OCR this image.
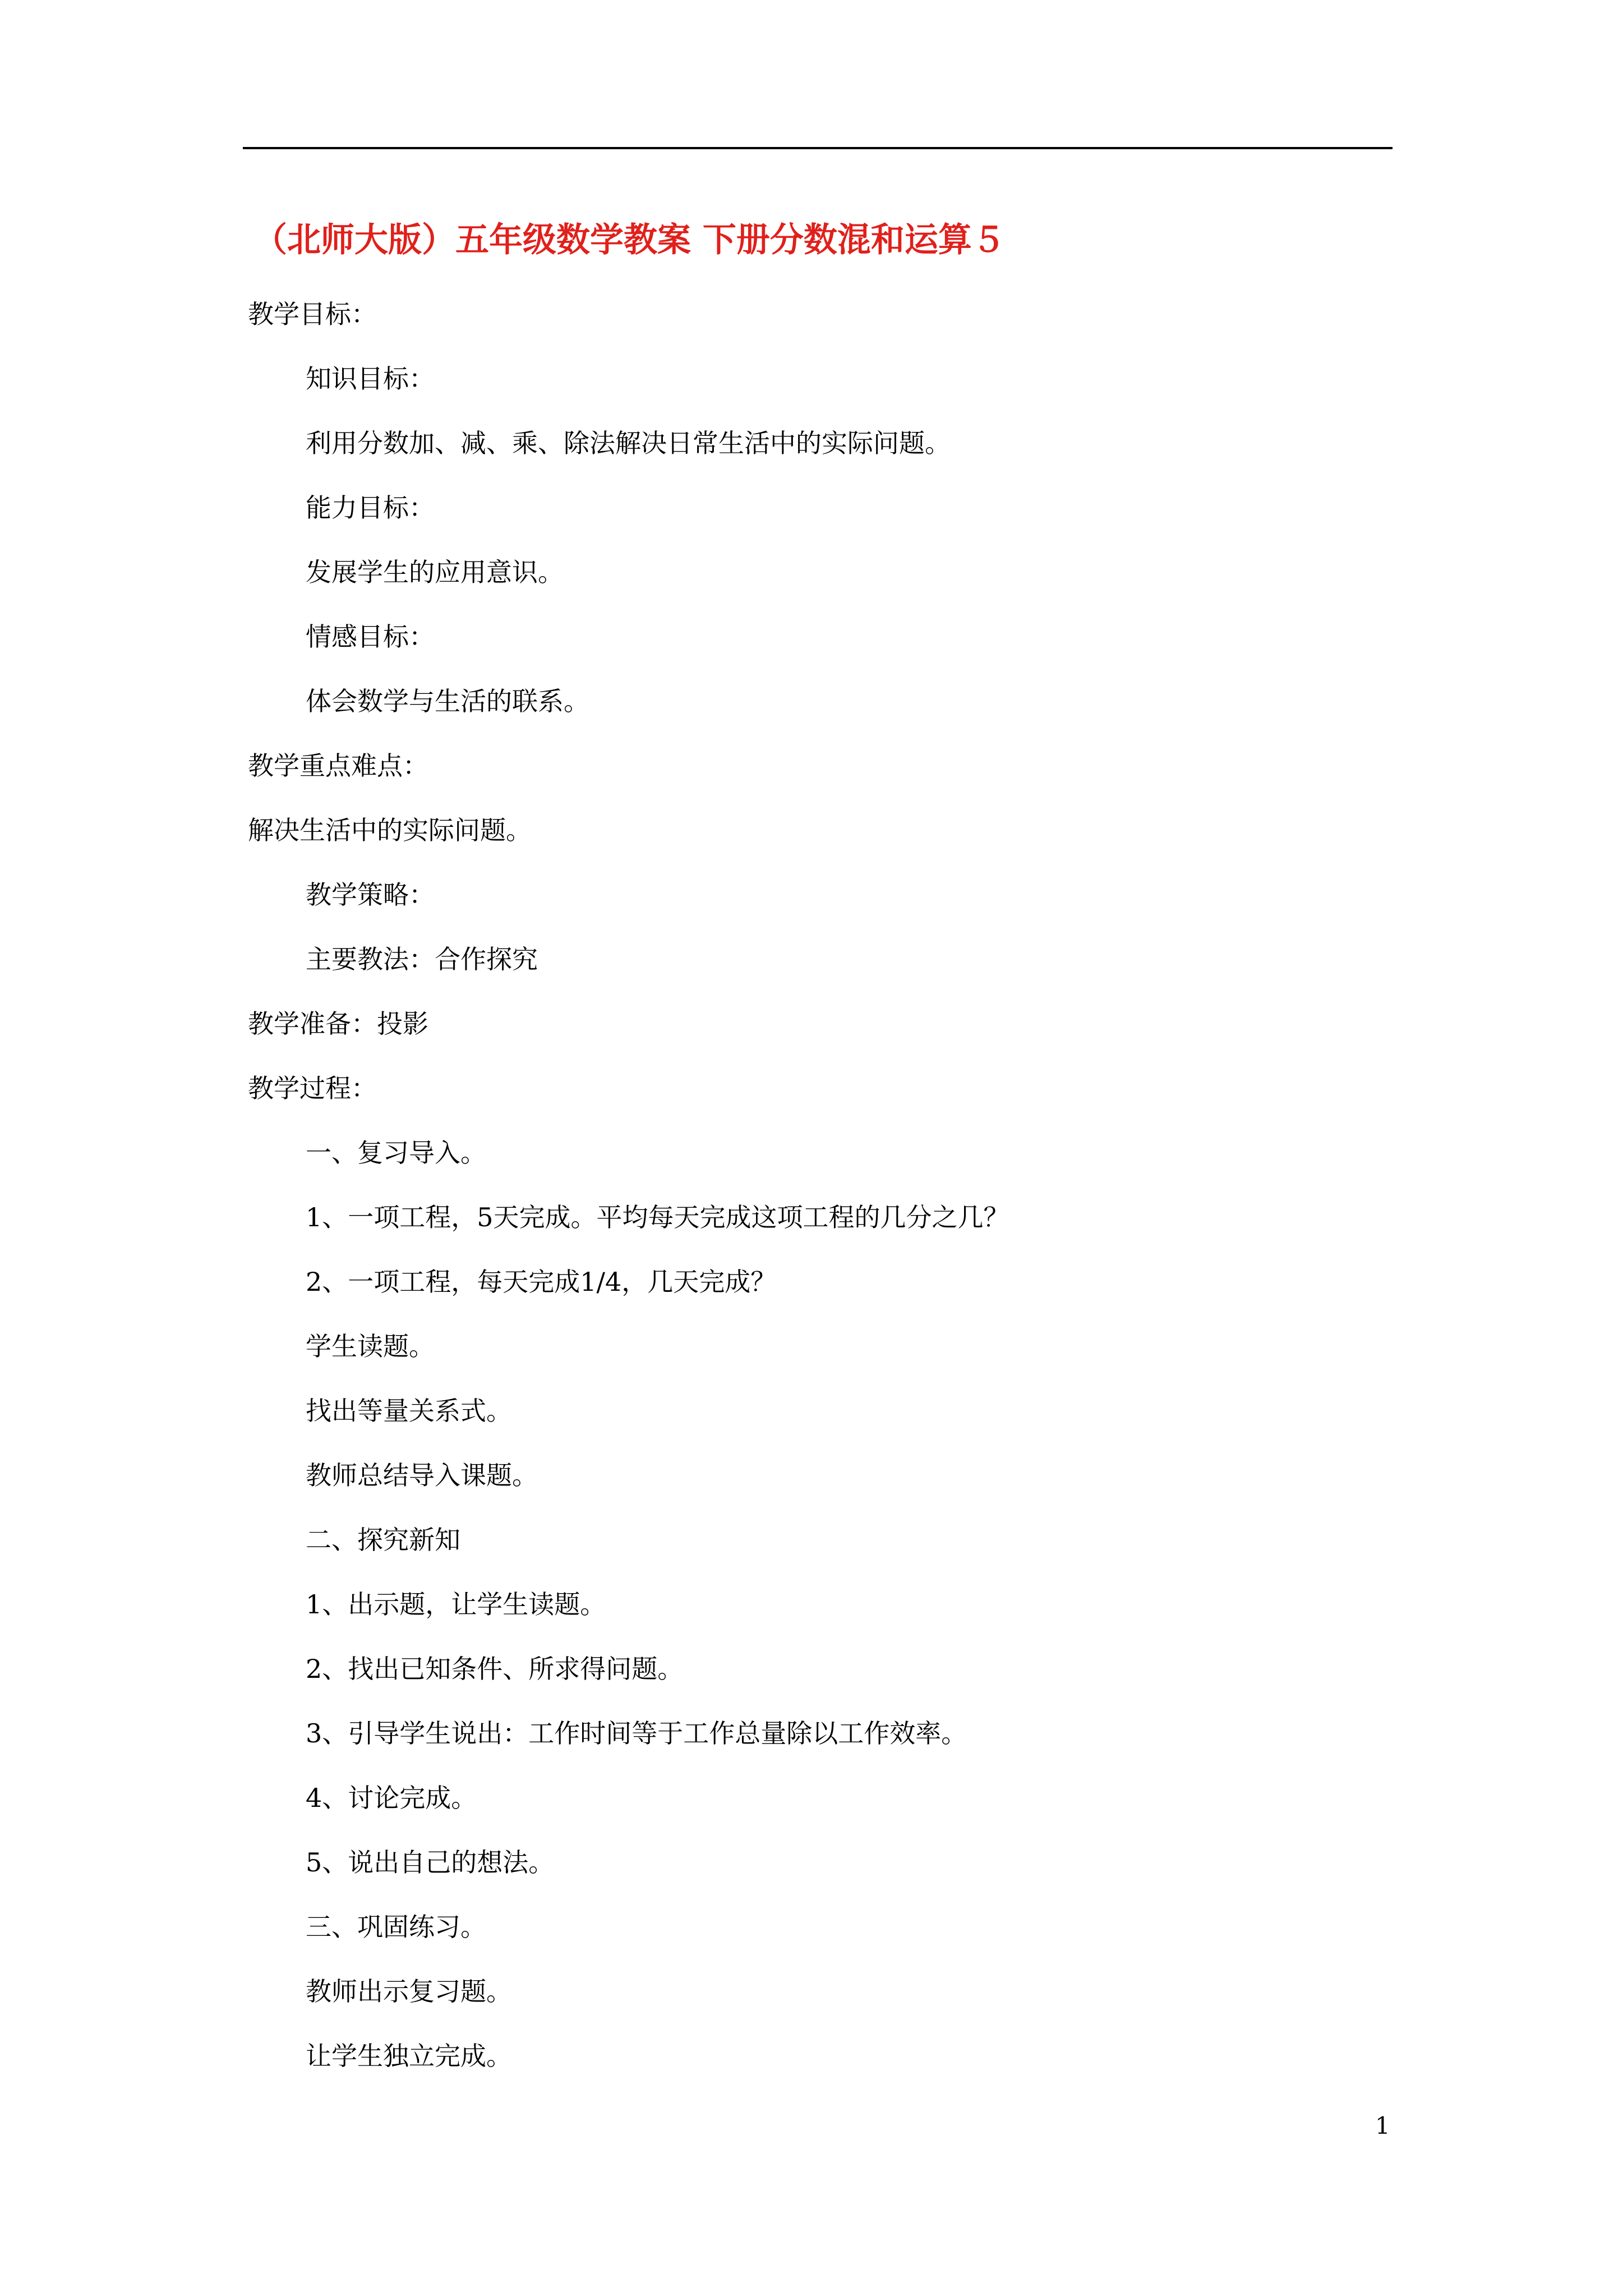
（北师大版）五年级数学教案 下册分数混和运算５

教学目标：

知识目标：

利用分数加、减、乘、除法解决日常生活中的实际问题。

能力目标：

发展学生的应用意识。

情感目标：

体会数学与生活的联系。

教学重点难点：

解决生活中的实际问题。

教学策略：

主要教法：合作探究

教学准备：投影

教学过程：

一、复习导入。

1、一项工程，5天完成。平均每天完成这项工程的几分之几？

2、一项工程，每天完成1/4，几天完成？

学生读题。

找出等量关系式。

教师总结导入课题。

二、探究新知

1、出示题，让学生读题。

2、找出已知条件、所求得问题。

3、引导学生说出：工作时间等于工作总量除以工作效率。

4、讨论完成。

5、说出自己的想法。

三、巩固练习。

教师出示复习题。

让学生独立完成。

1
